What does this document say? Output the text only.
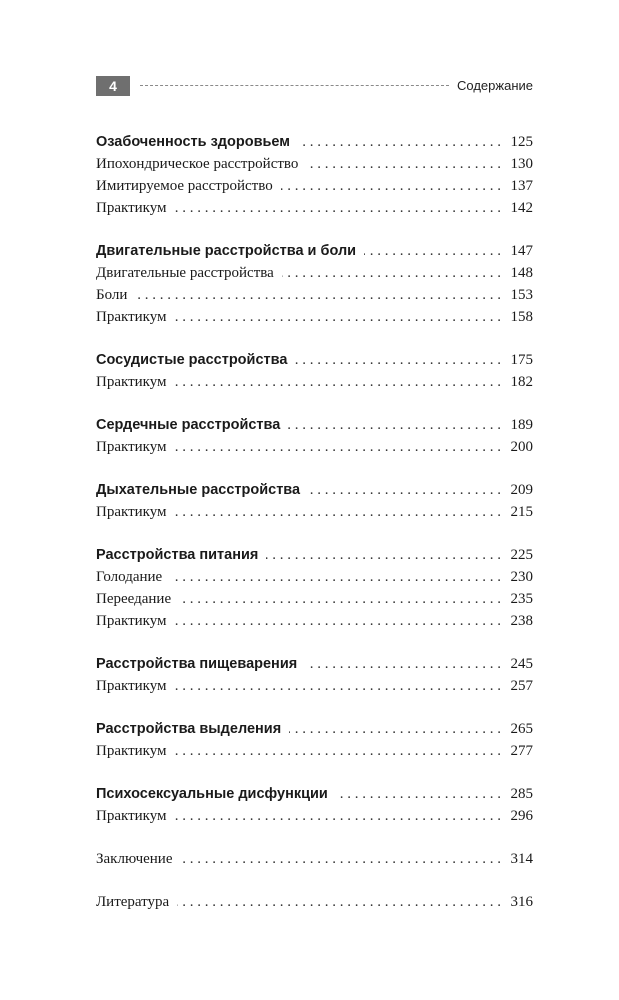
4	Содержание
Озабоченность здоровьем . . .	125
Ипохондрическое расстройство . . .	130
Имитируемое расстройство . . .	137
Практикум . . .	142
Двигательные расстройства и боли . . .	147
Двигательные расстройства . . .	148
Боли . . .	153
Практикум . . .	158
Сосудистые расстройства . . .	175
Практикум . . .	182
Сердечные расстройства . . .	189
Практикум . . .	200
Дыхательные расстройства . . .	209
Практикум . . .	215
Расстройства питания . . .	225
Голодание . . .	230
Переедание . . .	235
Практикум . . .	238
Расстройства пищеварения . . .	245
Практикум . . .	257
Расстройства выделения . . .	265
Практикум . . .	277
Психосексуальные дисфункции . . .	285
Практикум . . .	296
Заключение . . .	314
Литература . . .	316
